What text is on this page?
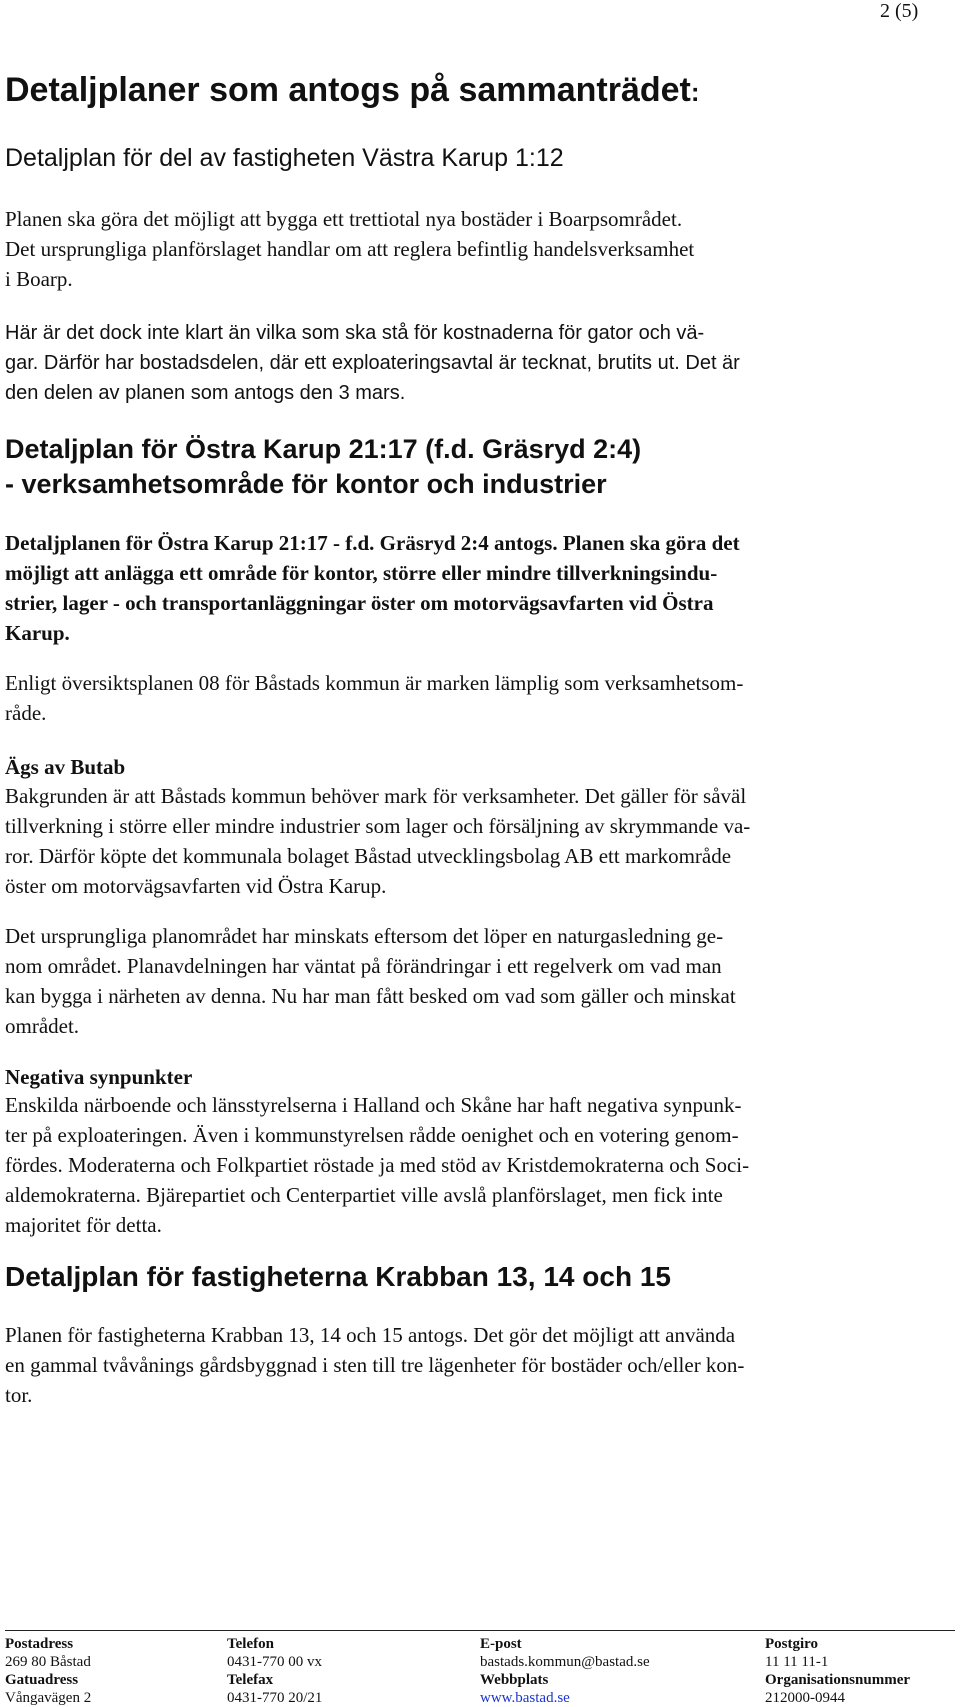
2 (5)
Detaljplaner som antogs på sammanträdet:
Detaljplan för del av fastigheten Västra Karup 1:12
Planen ska göra det möjligt att bygga ett trettiotal nya bostäder i Boarpsområdet.
Det ursprungliga planförslaget handlar om att reglera befintlig handelsverksamhet
i Boarp.
Här är det dock inte klart än vilka som ska stå för kostnaderna för gator och vä-
gar. Därför har bostadsdelen, där ett exploateringsavtal är tecknat, brutits ut. Det är
den delen av planen som antogs den 3 mars.
Detaljplan för Östra Karup 21:17 (f.d. Gräsryd 2:4)
- verksamhetsområde för kontor och industrier
Detaljplanen för Östra Karup 21:17 - f.d. Gräsryd 2:4 antogs. Planen ska göra det
möjligt att anlägga ett område för kontor, större eller mindre tillverkningsindu-
strier, lager - och transportanläggningar öster om motorvägsavfarten vid Östra
Karup.
Enligt översiktsplanen 08 för Båstads kommun är marken lämplig som verksamhetsom-
råde.
Ägs av Butab
Bakgrunden är att Båstads kommun behöver mark för verksamheter. Det gäller för såväl
tillverkning i större eller mindre industrier som lager och försäljning av skrymmande va-
ror. Därför köpte det kommunala bolaget Båstad utvecklingsbolag AB ett markområde
öster om motorvägsavfarten vid Östra Karup.
Det ursprungliga planområdet har minskats eftersom det löper en naturgasledning ge-
nom området. Planavdelningen har väntat på förändringar i ett regelverk om vad man
kan bygga i närheten av denna. Nu har man fått besked om vad som gäller och minskat
området.
Negativa synpunkter
Enskilda närboende och länsstyrelserna i Halland och Skåne har haft negativa synpunk-
ter på exploateringen. Även i kommunstyrelsen rådde oenighet och en votering genom-
fördes. Moderaterna och Folkpartiet röstade ja med stöd av Kristdemokraterna och Soci-
aldemokraterna. Bjärepartiet och Centerpartiet ville avslå planförslaget, men fick inte
majoritet för detta.
Detaljplan för fastigheterna Krabban 13, 14 och 15
Planen för fastigheterna Krabban 13, 14 och 15 antogs. Det gör det möjligt att använda
en gammal tvåvånings gårdsbyggnad i sten till tre lägenheter för bostäder och/eller kon-
tor.
Postadress	Telefon	E-post	Postgiro
269 80 Båstad	0431-770 00 vx	bastads.kommun@bastad.se	11 11 11-1
Gatuadress	Telefax	Webbplats	Organisationsnummer
Vångavägen 2	0431-770 20/21	www.bastad.se	212000-0944
